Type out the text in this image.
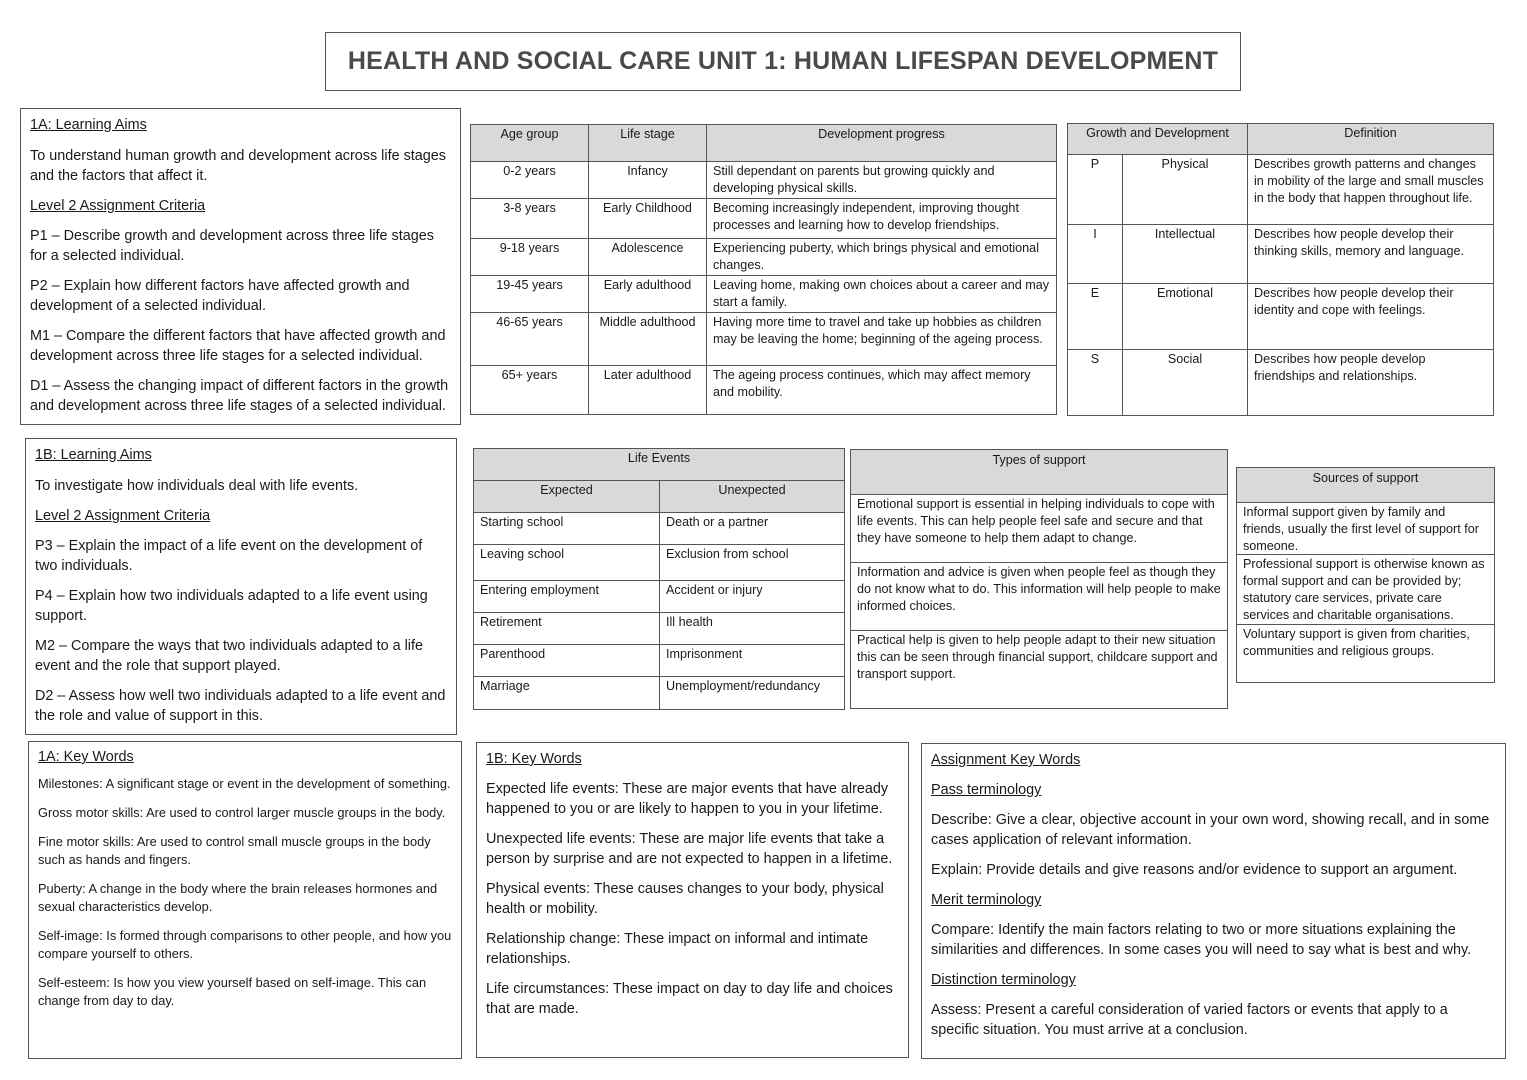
HEALTH AND SOCIAL CARE UNIT 1: HUMAN LIFESPAN DEVELOPMENT

1A: Learning Aims

To understand human growth and development across life stages and the factors that affect it.

Level 2 Assignment Criteria

P1 – Describe growth and development across three life stages for a selected individual.

P2 – Explain how different factors have affected growth and development of a selected individual.

M1 – Compare the different factors that have affected growth and development across three life stages for a selected individual.

D1 – Assess the changing impact of different factors in the growth and development across three life stages of a selected individual.

1B: Learning Aims

To investigate how individuals deal with life events.

Level 2 Assignment Criteria

P3 – Explain the impact of a life event on the development of two individuals.

P4 – Explain how two individuals adapted to a life event using support.

M2 – Compare the ways that two individuals adapted to a life event and the role that support played.

D2 – Assess how well two individuals adapted to a life event and the role and value of support in this.

Age group	Life stage	Development progress
0-2 years	Infancy	Still dependant on parents but growing quickly and developing physical skills.
3-8 years	Early Childhood	Becoming increasingly independent, improving thought processes and learning how to develop friendships.
9-18 years	Adolescence	Experiencing puberty, which brings physical and emotional changes.
19-45 years	Early adulthood	Leaving home, making own choices about a career and may start a family.
46-65 years	Middle adulthood	Having more time to travel and take up hobbies as children may be leaving the home; beginning of the ageing process.
65+ years	Later adulthood	The ageing process continues, which may affect memory and mobility.
Growth and Development		Definition
P	Physical	Describes growth patterns and changes in mobility of the large and small muscles in the body that happen throughout life.
I	Intellectual	Describes how people develop their thinking skills, memory and language.
E	Emotional	Describes how people develop their identity and cope with feelings.
S	Social	Describes how people develop friendships and relationships.
Life Events	
Expected	Unexpected
Starting school	Death or a partner
Leaving school	Exclusion from school
Entering employment	Accident or injury
Retirement	Ill health
Parenthood	Imprisonment
Marriage	Unemployment/redundancy
Types of support
Emotional support is essential in helping individuals to cope with life events. This can help people feel safe and secure and that they have someone to help them adapt to change.
Information and advice is given when people feel as though they do not know what to do. This information will help people to make informed choices.
Practical help is given to help people adapt to their new situation this can be seen through financial support, childcare support and transport support.
Sources of support
Informal support given by family and friends, usually the first level of support for someone.
Professional support is otherwise known as formal support and can be provided by; statutory care services, private care services and charitable organisations.
Voluntary support is given from charities, communities and religious groups.

1A: Key Words

Milestones: A significant stage or event in the development of something.

Gross motor skills: Are used to control larger muscle groups in the body.

Fine motor skills: Are used to control small muscle groups in the body such as hands and fingers.

Puberty: A change in the body where the brain releases hormones and sexual characteristics develop.

Self-image: Is formed through comparisons to other people, and how you compare yourself to others.

Self-esteem: Is how you view yourself based on self-image. This can change from day to day.

1B: Key Words

Expected life events: These are major events that have already happened to you or are likely to happen to you in your lifetime.

Unexpected life events: These are major life events that take a person by surprise and are not expected to happen in a lifetime.

Physical events: These causes changes to your body, physical health or mobility.

Relationship change: These impact on informal and intimate relationships.

Life circumstances: These impact on day to day life and choices that are made.

Assignment Key Words

Pass terminology

Describe: Give a clear, objective account in your own word, showing recall, and in some cases application of relevant information.

Explain: Provide details and give reasons and/or evidence to support an argument.

Merit terminology

Compare: Identify the main factors relating to two or more situations explaining the similarities and differences. In some cases you will need to say what is best and why.

Distinction terminology

Assess: Present a careful consideration of varied factors or events that apply to a specific situation. You must arrive at a conclusion.
